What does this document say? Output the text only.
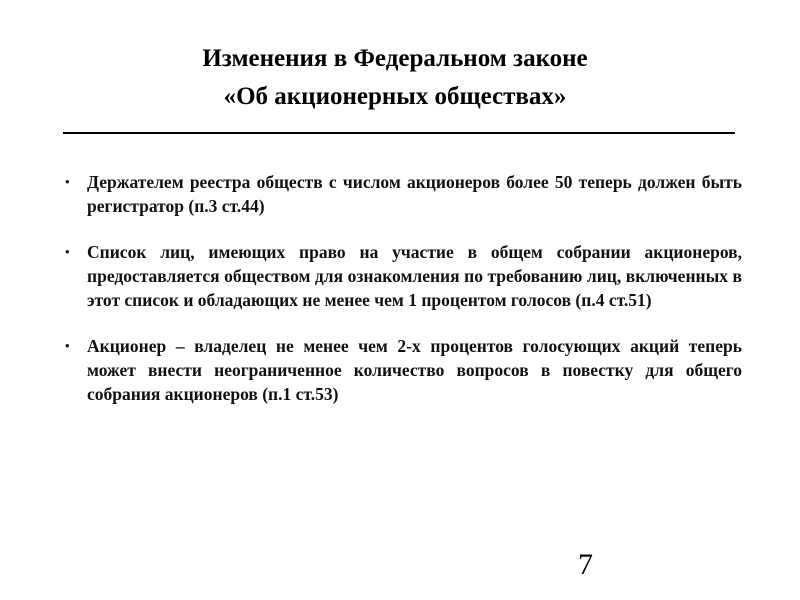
Изменения в Федеральном законе
«Об акционерных обществах»
• Держателем реестра обществ с числом акционеров более 50 теперь должен быть регистратор (п.3 ст.44)
• Список лиц, имеющих право на участие в общем собрании акционеров, предоставляется обществом для ознакомления по требованию лиц, включенных в этот список и обладающих не менее чем 1 процентом голосов (п.4 ст.51)
• Акционер – владелец не менее чем 2-х процентов голосующих акций теперь может внести неограниченное количество вопросов в повестку для общего собрания акционеров (п.1 ст.53)
7
